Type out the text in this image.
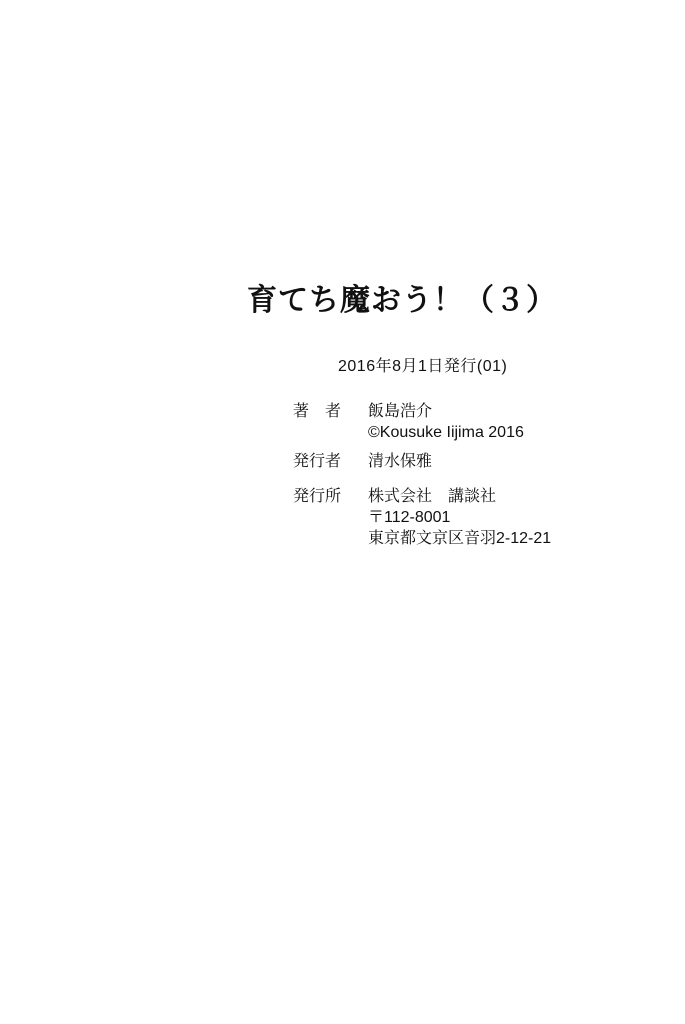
育てち魔おう！（３）
2016年8月1日発行(01)
著　者	飯島浩介
©Kousuke Iijima 2016
発行者	清水保雅
発行所	株式会社　講談社
〒112-8001
東京都文京区音羽2-12-21
